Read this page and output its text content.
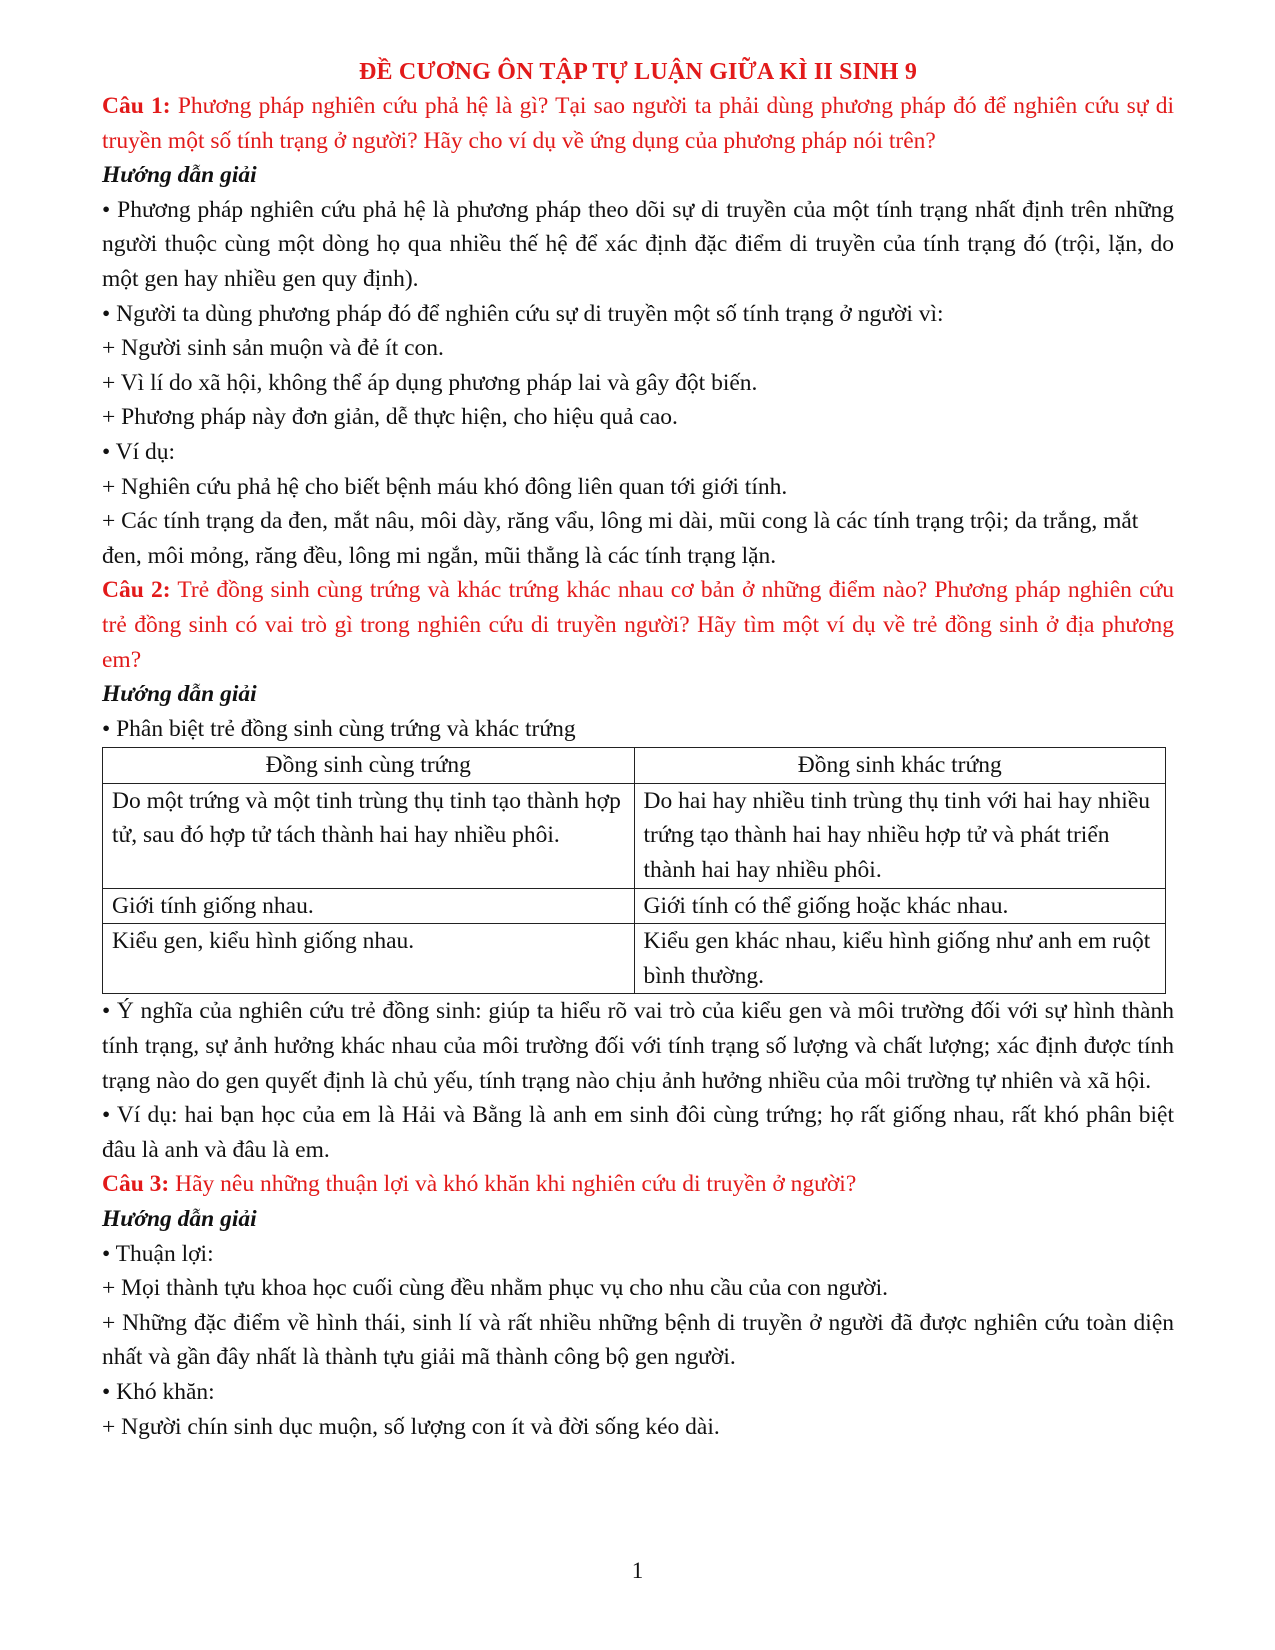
ĐỀ CƯƠNG ÔN TẬP TỰ LUẬN GIỮA KÌ II SINH 9
Câu 1: Phương pháp nghiên cứu phả hệ là gì? Tại sao người ta phải dùng phương pháp đó để nghiên cứu sự di truyền một số tính trạng ở người? Hãy cho ví dụ về ứng dụng của phương pháp nói trên?
Hướng dẫn giải
• Phương pháp nghiên cứu phả hệ là phương pháp theo dõi sự di truyền của một tính trạng nhất định trên những người thuộc cùng một dòng họ qua nhiều thế hệ để xác định đặc điểm di truyền của tính trạng đó (trội, lặn, do một gen hay nhiều gen quy định).
• Người ta dùng phương pháp đó để nghiên cứu sự di truyền một số tính trạng ở người vì:
+ Người sinh sản muộn và đẻ ít con.
+ Vì lí do xã hội, không thể áp dụng phương pháp lai và gây đột biến.
+ Phương pháp này đơn giản, dễ thực hiện, cho hiệu quả cao.
• Ví dụ:
+ Nghiên cứu phả hệ cho biết bệnh máu khó đông liên quan tới giới tính.
+ Các tính trạng da đen, mắt nâu, môi dày, răng vẩu, lông mi dài, mũi cong là các tính trạng trội; da trắng, mắt đen, môi mỏng, răng đều, lông mi ngắn, mũi thẳng là các tính trạng lặn.
Câu 2: Trẻ đồng sinh cùng trứng và khác trứng khác nhau cơ bản ở những điểm nào? Phương pháp nghiên cứu trẻ đồng sinh có vai trò gì trong nghiên cứu di truyền người? Hãy tìm một ví dụ về trẻ đồng sinh ở địa phương em?
Hướng dẫn giải
• Phân biệt trẻ đồng sinh cùng trứng và khác trứng
Đồng sinh cùng trứng	Đồng sinh khác trứng
Do một trứng và một tinh trùng thụ tinh tạo thành hợp tử, sau đó hợp tử tách thành hai hay nhiều phôi.	Do hai hay nhiều tinh trùng thụ tinh với hai hay nhiều trứng tạo thành hai hay nhiều hợp tử và phát triển thành hai hay nhiều phôi.
Giới tính giống nhau.	Giới tính có thể giống hoặc khác nhau.
Kiểu gen, kiểu hình giống nhau.	Kiểu gen khác nhau, kiểu hình giống như anh em ruột bình thường.
• Ý nghĩa của nghiên cứu trẻ đồng sinh: giúp ta hiểu rõ vai trò của kiểu gen và môi trường đối với sự hình thành tính trạng, sự ảnh hưởng khác nhau của môi trường đối với tính trạng số lượng và chất lượng; xác định được tính trạng nào do gen quyết định là chủ yếu, tính trạng nào chịu ảnh hưởng nhiều của môi trường tự nhiên và xã hội.
• Ví dụ: hai bạn học của em là Hải và Bằng là anh em sinh đôi cùng trứng; họ rất giống nhau, rất khó phân biệt đâu là anh và đâu là em.
Câu 3: Hãy nêu những thuận lợi và khó khăn khi nghiên cứu di truyền ở người?
Hướng dẫn giải
• Thuận lợi:
+ Mọi thành tựu khoa học cuối cùng đều nhằm phục vụ cho nhu cầu của con người.
+ Những đặc điểm về hình thái, sinh lí và rất nhiều những bệnh di truyền ở người đã được nghiên cứu toàn diện nhất và gần đây nhất là thành tựu giải mã thành công bộ gen người.
• Khó khăn:
+ Người chín sinh dục muộn, số lượng con ít và đời sống kéo dài.
1
